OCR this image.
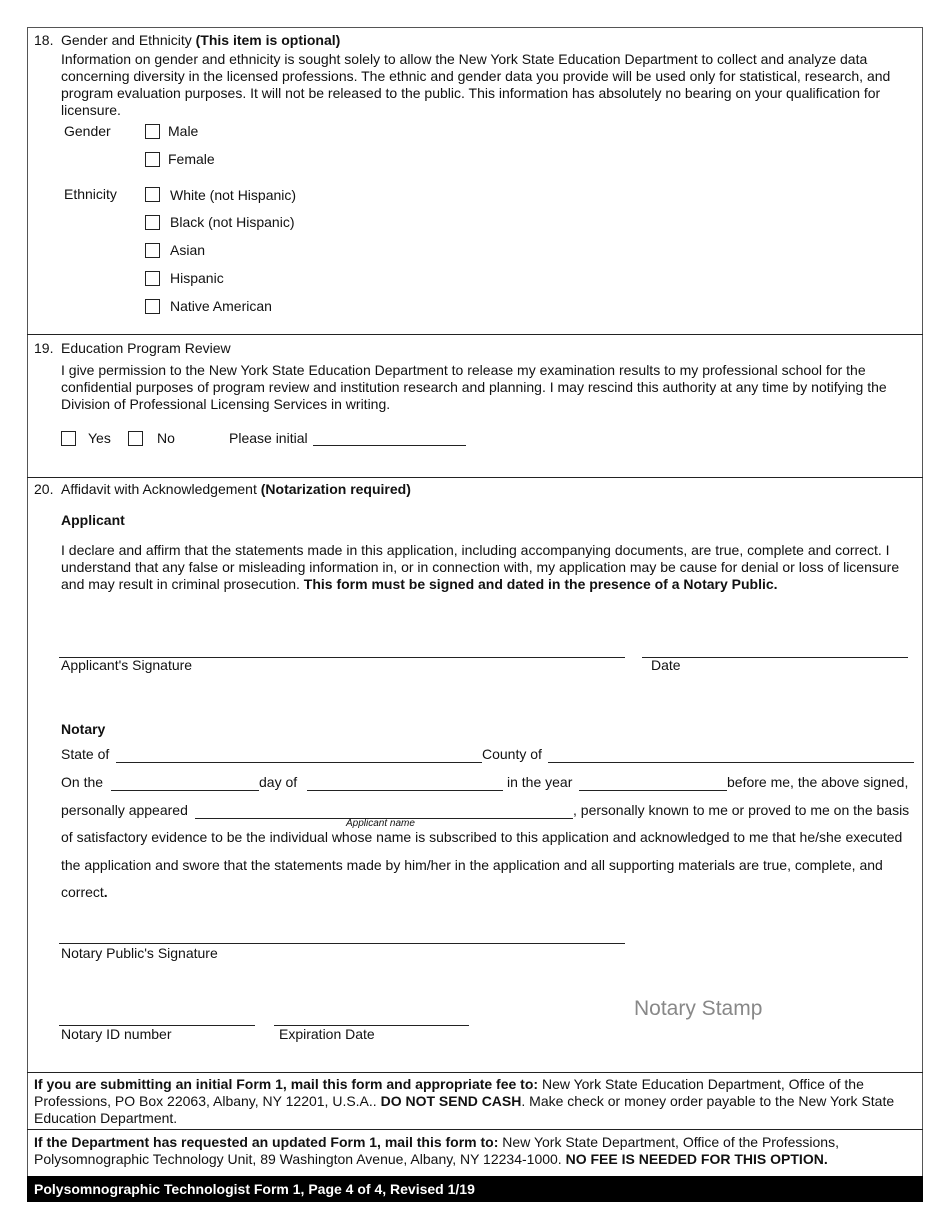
18. Gender and Ethnicity (This item is optional)
Information on gender and ethnicity is sought solely to allow the New York State Education Department to collect and analyze data concerning diversity in the licensed professions. The ethnic and gender data you provide will be used only for statistical, research, and program evaluation purposes. It will not be released to the public. This information has absolutely no bearing on your qualification for licensure.
Gender	Male
Female
Ethnicity	White (not Hispanic)
Black (not Hispanic)
Asian
Hispanic
Native American
19. Education Program Review
I give permission to the New York State Education Department to release my examination results to my professional school for the confidential purposes of program review and institution research and planning. I may rescind this authority at any time by notifying the Division of Professional Licensing Services in writing.
Yes	No	Please initial
20. Affidavit with Acknowledgement (Notarization required)
Applicant
I declare and affirm that the statements made in this application, including accompanying documents, are true, complete and correct. I understand that any false or misleading information in, or in connection with, my application may be cause for denial or loss of licensure and may result in criminal prosecution. This form must be signed and dated in the presence of a Notary Public.
Applicant's Signature	Date
Notary
State of	County of
On the	day of	in the year	before me, the above signed,
personally appeared
Applicant name
, personally known to me or proved to me on the basis
of satisfactory evidence to be the individual whose name is subscribed to this application and acknowledged to me that he/she executed
the application and swore that the statements made by him/her in the application and all supporting materials are true, complete, and
correct.
Notary Public's Signature
Notary ID number	Expiration Date
Notary Stamp
If you are submitting an initial Form 1, mail this form and appropriate fee to: New York State Education Department, Office of the Professions, PO Box 22063, Albany, NY 12201, U.S.A.. DO NOT SEND CASH. Make check or money order payable to the New York State Education Department.
If the Department has requested an updated Form 1, mail this form to: New York State Department, Office of the Professions, Polysomnographic Technology Unit, 89 Washington Avenue, Albany, NY 12234-1000. NO FEE IS NEEDED FOR THIS OPTION.
Polysomnographic Technologist Form 1, Page 4 of 4, Revised 1/19
